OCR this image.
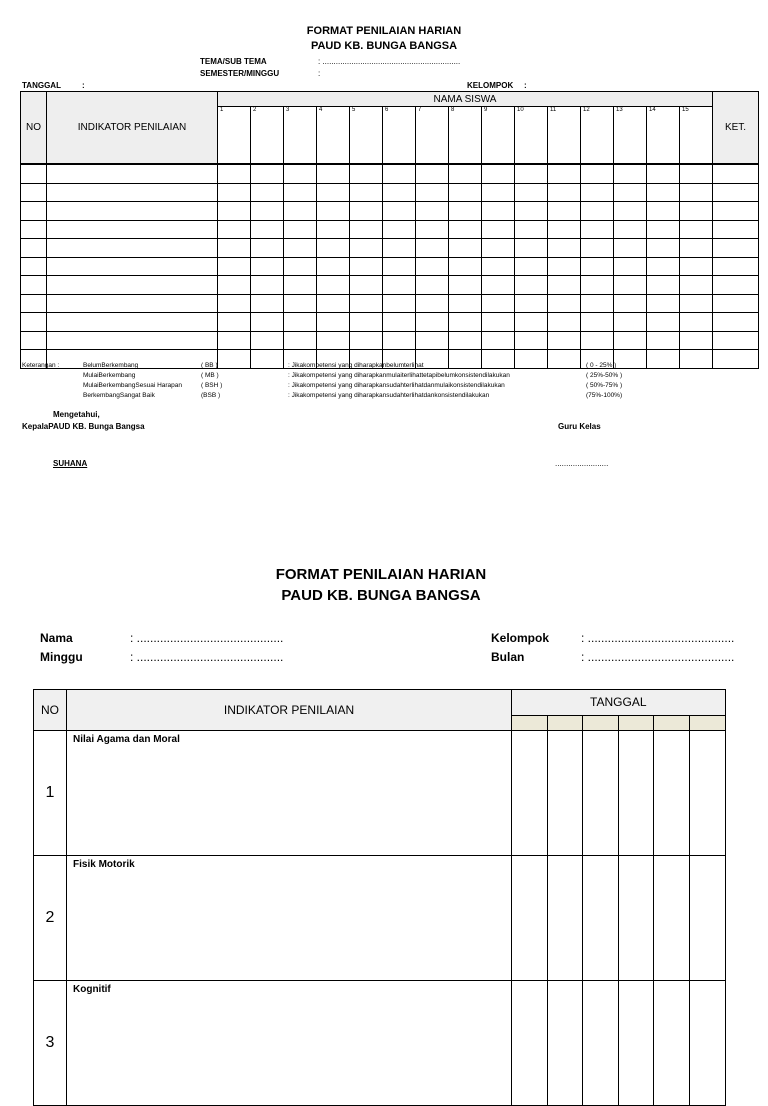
FORMAT PENILAIAN HARIAN
PAUD KB. BUNGA BANGSA
TEMA/SUB TEMA	: ..............................................................
SEMESTER/MINGGU	:
TANGGAL	:	KELOMPOK :
NO	INDIKATOR PENILAIAN	NAMA SISWA															KET.
		1	2	3	4	5	6	7	8	9	10	11	12	13	14	15	

Keterangan :	BelumBerkembang	( BB )	: Jikakompetensi yang diharapkanbelumterlihat	( 0 - 25% )
MulaiBerkembang	( MB )	: Jikakompetensi yang diharapkanmulaiterlihattetapibelumkonsistendilakukan	( 25%-50% )
MulaiBerkembangSesuai Harapan	( BSH )	: Jikakompetensi yang diharapkansudahterlihatdanmulaikonsistendilakukan	( 50%-75% )
BerkembangSangat Baik	(BSB )	: Jikakompetensi yang diharapkansudahterlihatdankonsistendilakukan	(75%-100%)
Mengetahui,
KepalaPAUD KB. Bunga Bangsa	Guru Kelas
SUHANA	........................
FORMAT PENILAIAN HARIAN
PAUD KB. BUNGA BANGSA
Nama	: ............................................
Minggu	: ............................................
Kelompok	: ............................................
Bulan	: ............................................
NO	INDIKATOR PENILAIAN	TANGGAL					

1	Nilai Agama dan Moral						
2	Fisik Motorik						
3	Kognitif						
